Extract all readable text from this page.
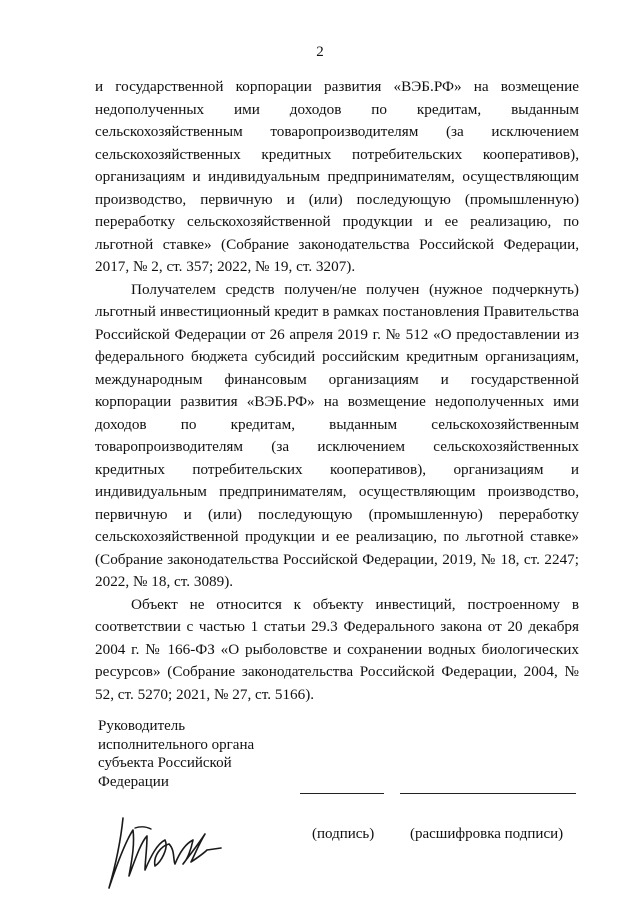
2

и государственной корпорации развития «ВЭБ.РФ» на возмещение недополученных ими доходов по кредитам, выданным сельскохозяйственным товаропроизводителям (за исключением сельскохозяйственных кредитных потребительских кооперативов), организациям и индивидуальным предпринимателям, осуществляющим производство, первичную и (или) последующую (промышленную) переработку сельскохозяйственной продукции и ее реализацию, по льготной ставке» (Собрание законодательства Российской Федерации, 2017, № 2, ст. 357; 2022, № 19, ст. 3207).

Получателем средств получен/не получен (нужное подчеркнуть) льготный инвестиционный кредит в рамках постановления Правительства Российской Федерации от 26 апреля 2019 г. № 512 «О предоставлении из федерального бюджета субсидий российским кредитным организациям, международным финансовым организациям и государственной корпорации развития «ВЭБ.РФ» на возмещение недополученных ими доходов по кредитам, выданным сельскохозяйственным товаропроизводителям (за исключением сельскохозяйственных кредитных потребительских кооперативов), организациям и индивидуальным предпринимателям, осуществляющим производство, первичную и (или) последующую (промышленную) переработку сельскохозяйственной продукции и ее реализацию, по льготной ставке» (Собрание законодательства Российской Федерации, 2019, № 18, ст. 2247; 2022, № 18, ст. 3089).

Объект не относится к объекту инвестиций, построенному в соответствии с частью 1 статьи 29.3 Федерального закона от 20 декабря 2004 г. № 166-ФЗ «О рыболовстве и сохранении водных биологических ресурсов» (Собрание законодательства Российской Федерации, 2004, № 52, ст. 5270; 2021, № 27, ст. 5166).

Руководитель
исполнительного органа
субъекта Российской
Федерации
(подпись) (расшифровка подписи)
